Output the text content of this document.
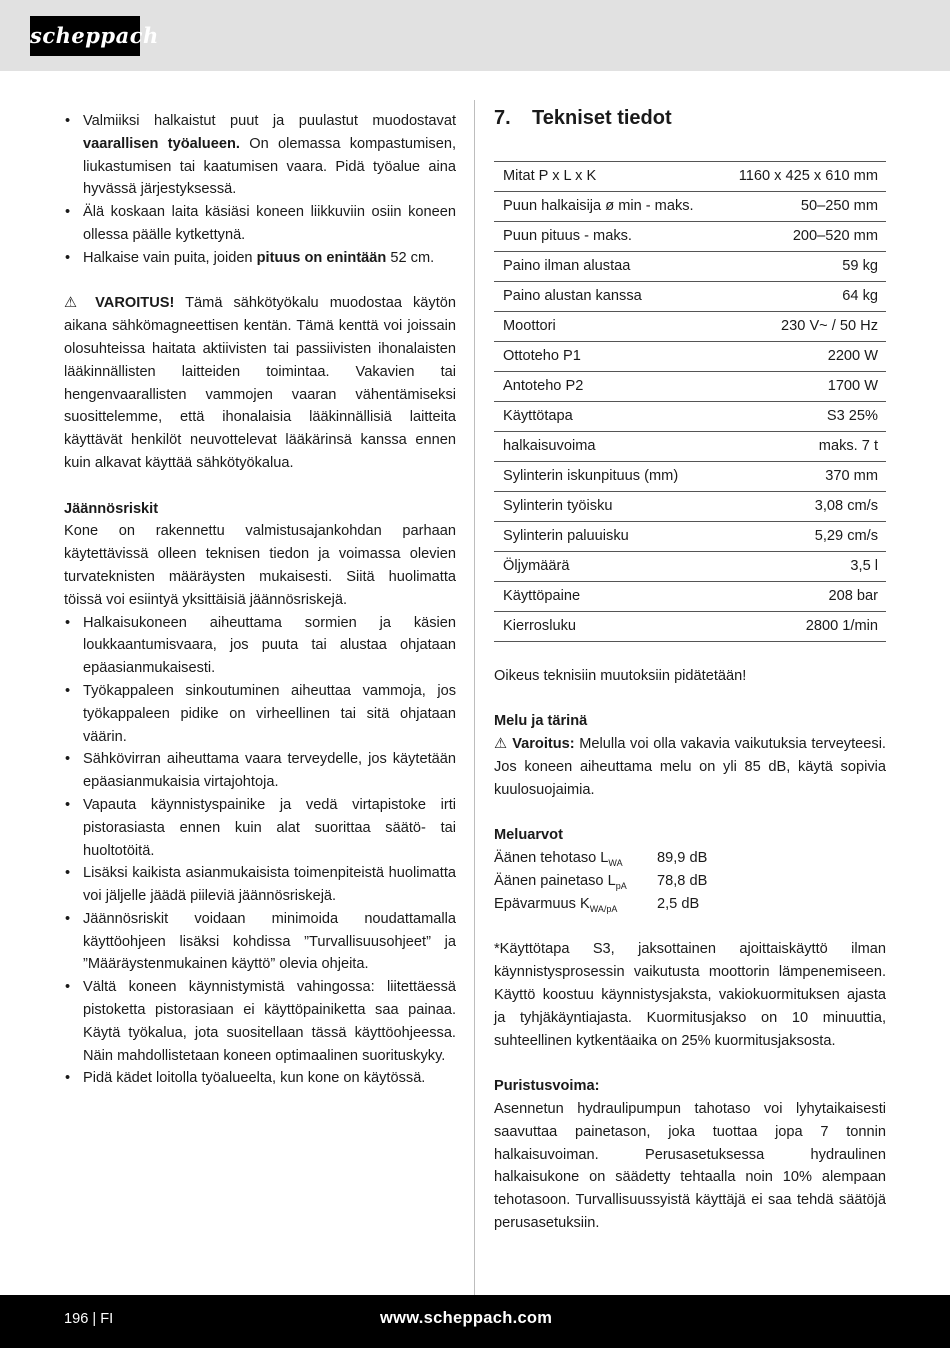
scheppach
• Valmiiksi halkaistut puut ja puulastut muodostavat vaarallisen työalueen. On olemassa kompastumisen, liukastumisen tai kaatumisen vaara. Pidä työalue aina hyvässä järjestyksessä.
• Älä koskaan laita käsiäsi koneen liikkuviin osiin koneen ollessa päälle kytkettynä.
• Halkaise vain puita, joiden pituus on enintään 52 cm.

⚠ VAROITUS! Tämä sähkötyökalu muodostaa käytön aikana sähkömagneettisen kentän. Tämä kenttä voi joissain olosuhteissa haitata aktiivisten tai passiivisten ihonalaisten lääkinnällisten laitteiden toimintaa. Vakavien tai hengenvaarallisten vammojen vaaran vähentämiseksi suosittelemme, että ihonalaisia lääkinnällisiä laitteita käyttävät henkilöt neuvottelevat lääkärinsä kanssa ennen kuin alkavat käyttää sähkötyökalua.

Jäännösriskit

Kone on rakennettu valmistusajankohdan parhaan käytettävissä olleen teknisen tiedon ja voimassa olevien turvateknisten määräysten mukaisesti. Siitä huolimatta töissä voi esiintyä yksittäisiä jäännösriskejä.

• Halkaisukoneen aiheuttama sormien ja käsien loukkaantumisvaara, jos puuta tai alustaa ohjataan epäasianmukaisesti.
• Työkappaleen sinkoutuminen aiheuttaa vammoja, jos työkappaleen pidike on virheellinen tai sitä ohjataan väärin.
• Sähkövirran aiheuttama vaara terveydelle, jos käytetään epäasianmukaisia virtajohtoja.
• Vapauta käynnistyspainike ja vedä virtapistoke irti pistorasiasta ennen kuin alat suorittaa säätö- tai huoltotöitä.
• Lisäksi kaikista asianmukaisista toimenpiteistä huolimatta voi jäljelle jäädä piileviä jäännösriskejä.
• Jäännösriskit voidaan minimoida noudattamalla käyttöohjeen lisäksi kohdissa ”Turvallisuusohjeet” ja ”Määräystenmukainen käyttö” olevia ohjeita.
• Vältä koneen käynnistymistä vahingossa: liitettäessä pistoketta pistorasiaan ei käyttöpainiketta saa painaa. Käytä työkalua, jota suositellaan tässä käyttöohjeessa. Näin mahdollistetaan koneen optimaalinen suorituskyky.
• Pidä kädet loitolla työalueelta, kun kone on käytössä.
7. Tekniset tiedot
Mitat P x L x K	1160 x 425 x 610 mm
Puun halkaisija ø min - maks.	50–250 mm
Puun pituus - maks.	200–520 mm
Paino ilman alustaa	59 kg
Paino alustan kanssa	64 kg
Moottori	230 V~ / 50 Hz
Ottoteho P1	2200 W
Antoteho P2	1700 W
Käyttötapa	S3 25%
halkaisuvoima	maks. 7 t
Sylinterin iskunpituus (mm)	370 mm
Sylinterin työisku	3,08 cm/s
Sylinterin paluuisku	5,29 cm/s
Öljymäärä	3,5 l
Käyttöpaine	208 bar
Kierrosluku	2800 1/min

Oikeus teknisiin muutoksiin pidätetään!

Melu ja tärinä

⚠ Varoitus: Melulla voi olla vakavia vaikutuksia terveyteesi. Jos koneen aiheuttama melu on yli 85 dB, käytä sopivia kuulosuojaimia.

Meluarvot

Äänen tehotaso $L_{WA}$	89,9 dB
Äänen painetaso $L_{pA}$	78,8 dB
Epävarmuus $K_{WA/pA}$	2,5 dB

*Käyttötapa S3, jaksottainen ajoittaiskäyttö ilman käynnistysprosessin vaikutusta moottorin lämpenemiseen. Käyttö koostuu käynnistysjaksta, vakiokuormituksen ajasta ja tyhjäkäyntiajasta. Kuormitusjakso on 10 minuuttia, suhteellinen kytkentäaika on 25% kuormitusjaksosta.

Puristusvoima:

Asennetun hydraulipumpun tahotaso voi lyhytaikaisesti saavuttaa painetason, joka tuottaa jopa 7 tonnin halkaisuvoiman. Perusasetuksessa hydraulinen halkaisukone on säädetty tehtaalla noin 10% alempaan tehotasoon. Turvallisuussyistä käyttäjä ei saa tehdä säätöjä perusasetuksiin.

196 | FI	www.scheppach.com
